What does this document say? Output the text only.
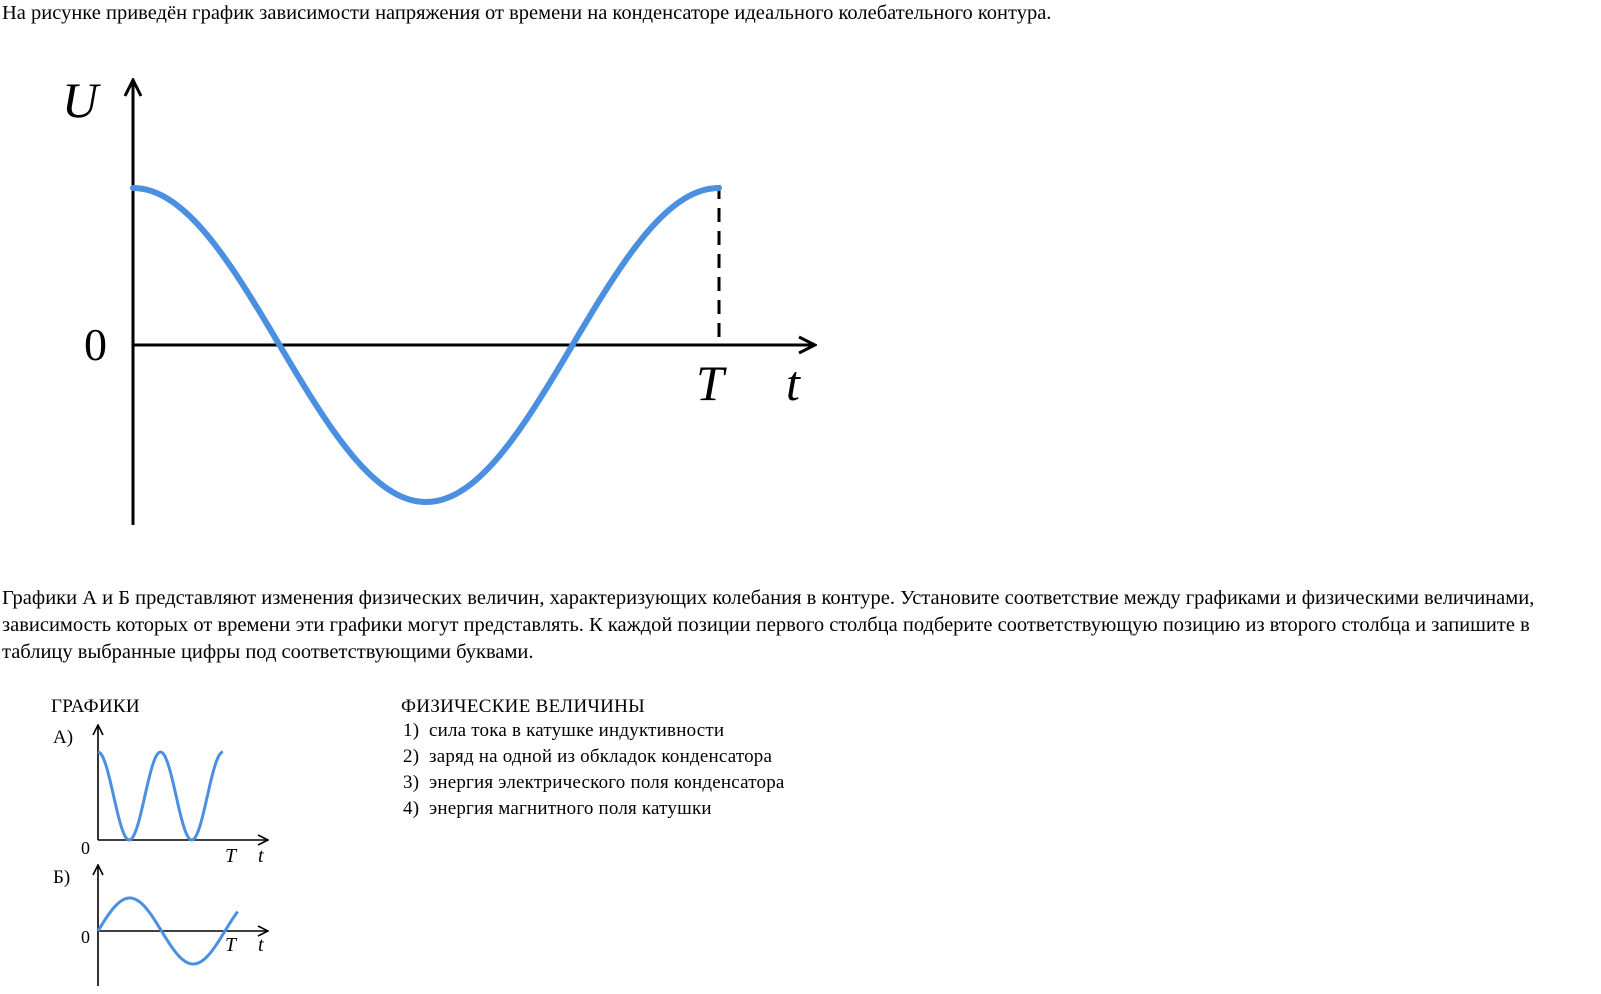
На рисунке приведён график зависимости напряжения от времени на конденсаторе идеального колебательного контура.

U
0
T t

Графики А и Б представляют изменения физических величин, характеризующих колебания в контуре. Установите соответствие между графиками и физическими величинами, зависимость которых от времени эти графики могут представлять. К каждой позиции первого столбца подберите соответствующую позицию из второго столбца и запишите в таблицу выбранные цифры под соответствующими буквами.

ГРАФИКИ	ФИЗИЧЕСКИЕ ВЕЛИЧИНЫ
А)
0	T t
Б)
0	T t
1) сила тока в катушке индуктивности
2) заряд на одной из обкладок конденсатора
3) энергия электрического поля конденсатора
4) энергия магнитного поля катушки
